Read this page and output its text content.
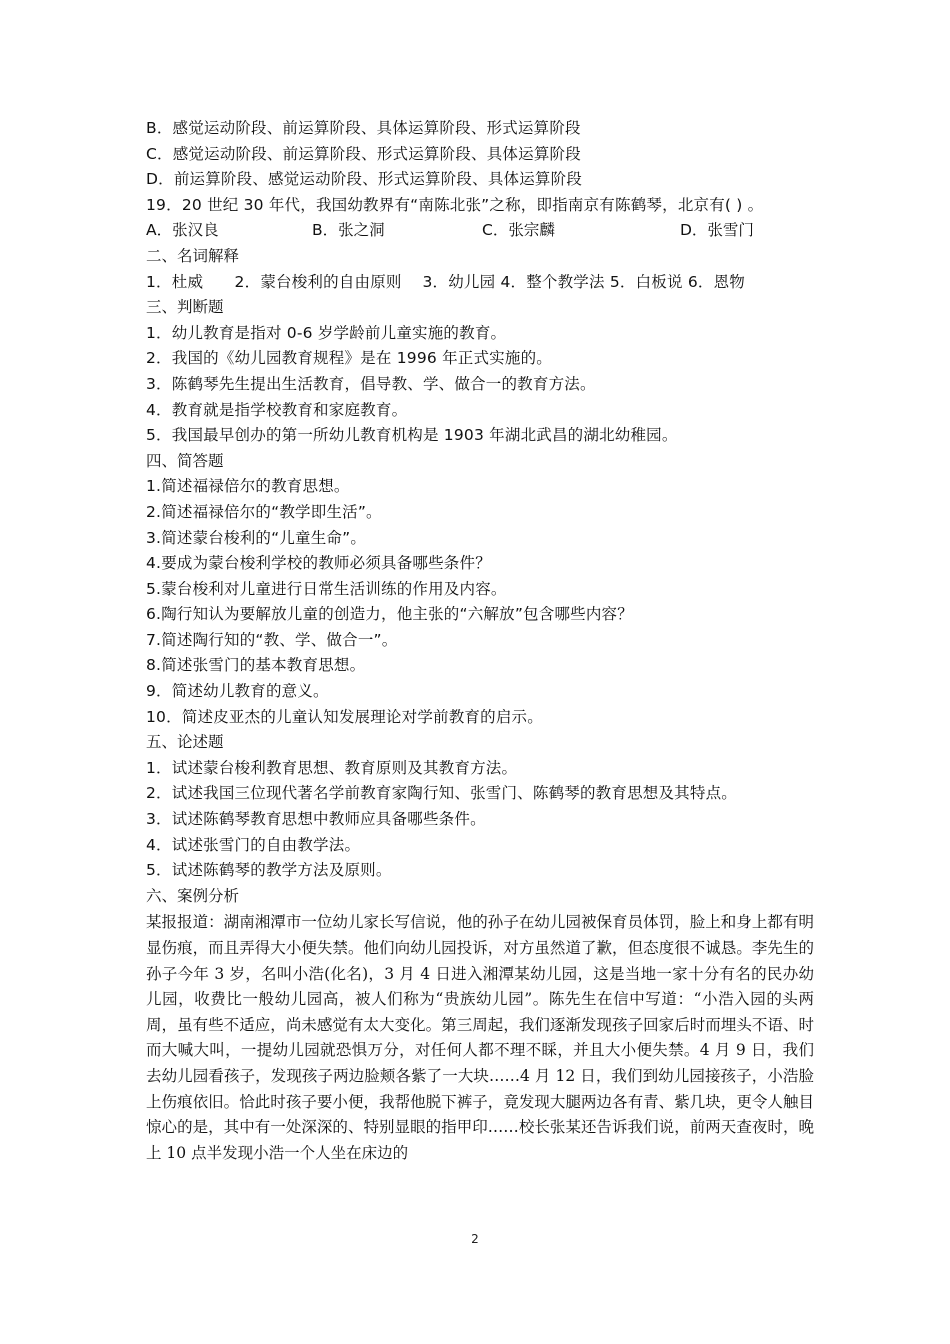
B．感觉运动阶段、前运算阶段、具体运算阶段、形式运算阶段
C．感觉运动阶段、前运算阶段、形式运算阶段、具体运算阶段
D．前运算阶段、感觉运动阶段、形式运算阶段、具体运算阶段
19．20 世纪 30 年代，我国幼教界有“南陈北张”之称，即指南京有陈鹤琴，北京有( ) 。
A．张汉良	B．张之洞	C．张宗麟	D．张雪门
二、名词解释
1．杜威　　2．蒙台梭利的自由原则　 3．幼儿园 4．整个教学法 5．白板说 6．恩物
三、判断题
1．幼儿教育是指对 0-6 岁学龄前儿童实施的教育。
2．我国的《幼儿园教育规程》是在 1996 年正式实施的。
3．陈鹤琴先生提出生活教育，倡导教、学、做合一的教育方法。
4．教育就是指学校教育和家庭教育。
5．我国最早创办的第一所幼儿教育机构是 1903 年湖北武昌的湖北幼稚园。
四、简答题
1.简述福禄倍尔的教育思想。
2.简述福禄倍尔的“教学即生活”。
3.简述蒙台梭利的“儿童生命”。
4.要成为蒙台梭利学校的教师必须具备哪些条件？
5.蒙台梭利对儿童进行日常生活训练的作用及内容。
6.陶行知认为要解放儿童的创造力，他主张的“六解放”包含哪些内容？
7.简述陶行知的“教、学、做合一”。
8.简述张雪门的基本教育思想。
9．简述幼儿教育的意义。
10．简述皮亚杰的儿童认知发展理论对学前教育的启示。
五、论述题
1．试述蒙台梭利教育思想、教育原则及其教育方法。
2．试述我国三位现代著名学前教育家陶行知、张雪门、陈鹤琴的教育思想及其特点。
3．试述陈鹤琴教育思想中教师应具备哪些条件。
4．试述张雪门的自由教学法。
5．试述陈鹤琴的教学方法及原则。
六、案例分析
某报报道：湖南湘潭市一位幼儿家长写信说，他的孙子在幼儿园被保育员体罚，脸上和身上都有明显伤痕，而且弄得大小便失禁。他们向幼儿园投诉，对方虽然道了歉，但态度很不诚恳。李先生的孙子今年 3 岁，名叫小浩(化名)，3 月 4 日进入湘潭某幼儿园，这是当地一家十分有名的民办幼儿园，收费比一般幼儿园高，被人们称为“贵族幼儿园”。陈先生在信中写道：“小浩入园的头两周，虽有些不适应，尚未感觉有太大变化。第三周起，我们逐渐发现孩子回家后时而埋头不语、时而大喊大叫，一提幼儿园就恐惧万分，对任何人都不理不睬，并且大小便失禁。4 月 9 日，我们去幼儿园看孩子，发现孩子两边脸颊各紫了一大块……4 月 12 日，我们到幼儿园接孩子，小浩脸上伤痕依旧。恰此时孩子要小便，我帮他脱下裤子，竟发现大腿两边各有青、紫几块，更令人触目惊心的是，其中有一处深深的、特别显眼的指甲印……校长张某还告诉我们说，前两天查夜时，晚上 10 点半发现小浩一个人坐在床边的
2
